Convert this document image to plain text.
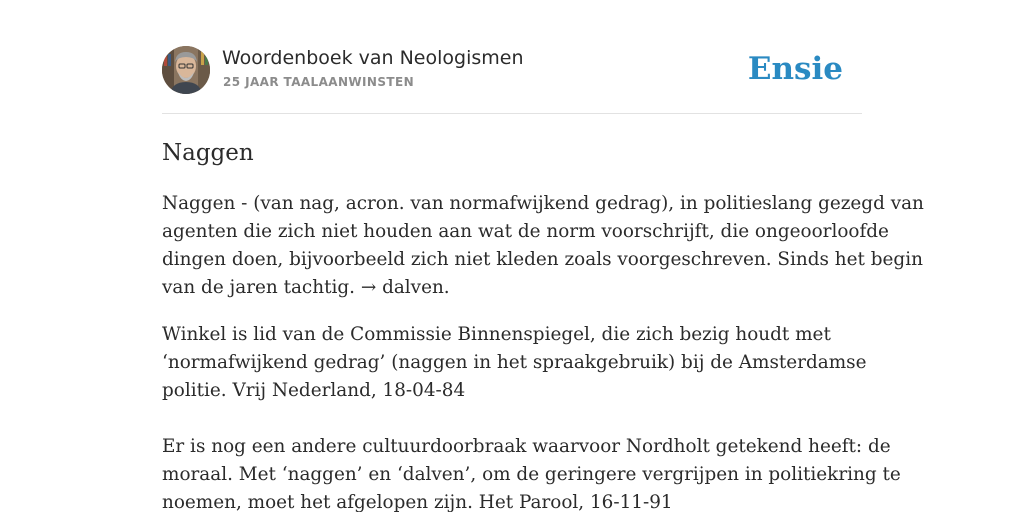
Woordenboek van Neologismen
25 JAAR TAALAANWINSTEN	Ensie
Naggen

Naggen - (van nag, acron. van normafwijkend gedrag), in politieslang gezegd van
agenten die zich niet houden aan wat de norm voorschrijft, die ongeoorloofde
dingen doen, bijvoorbeeld zich niet kleden zoals voorgeschreven. Sinds het begin
van de jaren tachtig. → dalven.

Winkel is lid van de Commissie Binnenspiegel, die zich bezig houdt met
‘normafwijkend gedrag’ (naggen in het spraakgebruik) bij de Amsterdamse
politie. Vrij Nederland, 18-04-84

Er is nog een andere cultuurdoorbraak waarvoor Nordholt getekend heeft: de
moraal. Met ‘naggen’ en ‘dalven’, om de geringere vergrijpen in politiekring te
noemen, moet het afgelopen zijn. Het Parool, 16-11-91
